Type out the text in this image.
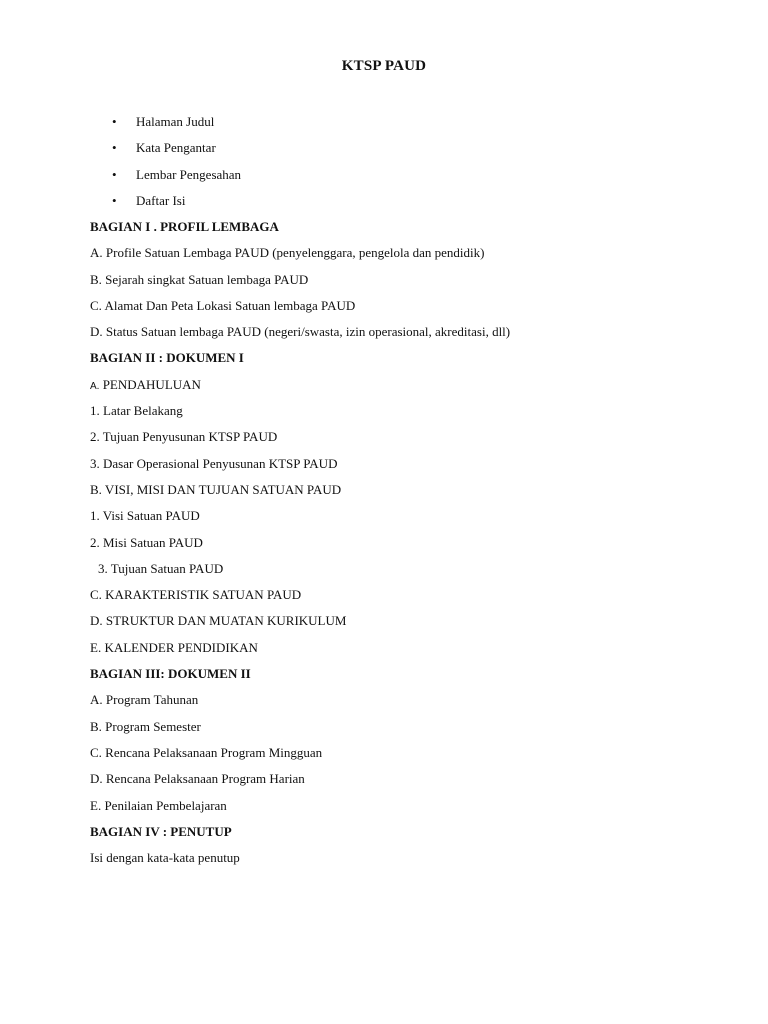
KTSP PAUD
• Halaman Judul
• Kata Pengantar
• Lembar Pengesahan
• Daftar Isi
BAGIAN I . PROFIL LEMBAGA
A. Profile Satuan Lembaga PAUD (penyelenggara, pengelola dan pendidik)
B. Sejarah singkat Satuan lembaga PAUD
C. Alamat Dan Peta Lokasi Satuan lembaga PAUD
D. Status Satuan lembaga PAUD (negeri/swasta, izin operasional, akreditasi, dll)
BAGIAN II : DOKUMEN I
A. PENDAHULUAN
1. Latar Belakang
2. Tujuan Penyusunan KTSP PAUD
3. Dasar Operasional Penyusunan KTSP PAUD
B. VISI, MISI DAN TUJUAN SATUAN PAUD
1. Visi Satuan PAUD
2. Misi Satuan PAUD
3. Tujuan Satuan PAUD
C. KARAKTERISTIK SATUAN PAUD
D. STRUKTUR DAN MUATAN KURIKULUM
E. KALENDER PENDIDIKAN
BAGIAN III: DOKUMEN II
A. Program Tahunan
B. Program Semester
C. Rencana Pelaksanaan Program Mingguan
D. Rencana Pelaksanaan Program Harian
E. Penilaian Pembelajaran
BAGIAN IV : PENUTUP
Isi dengan kata-kata penutup
